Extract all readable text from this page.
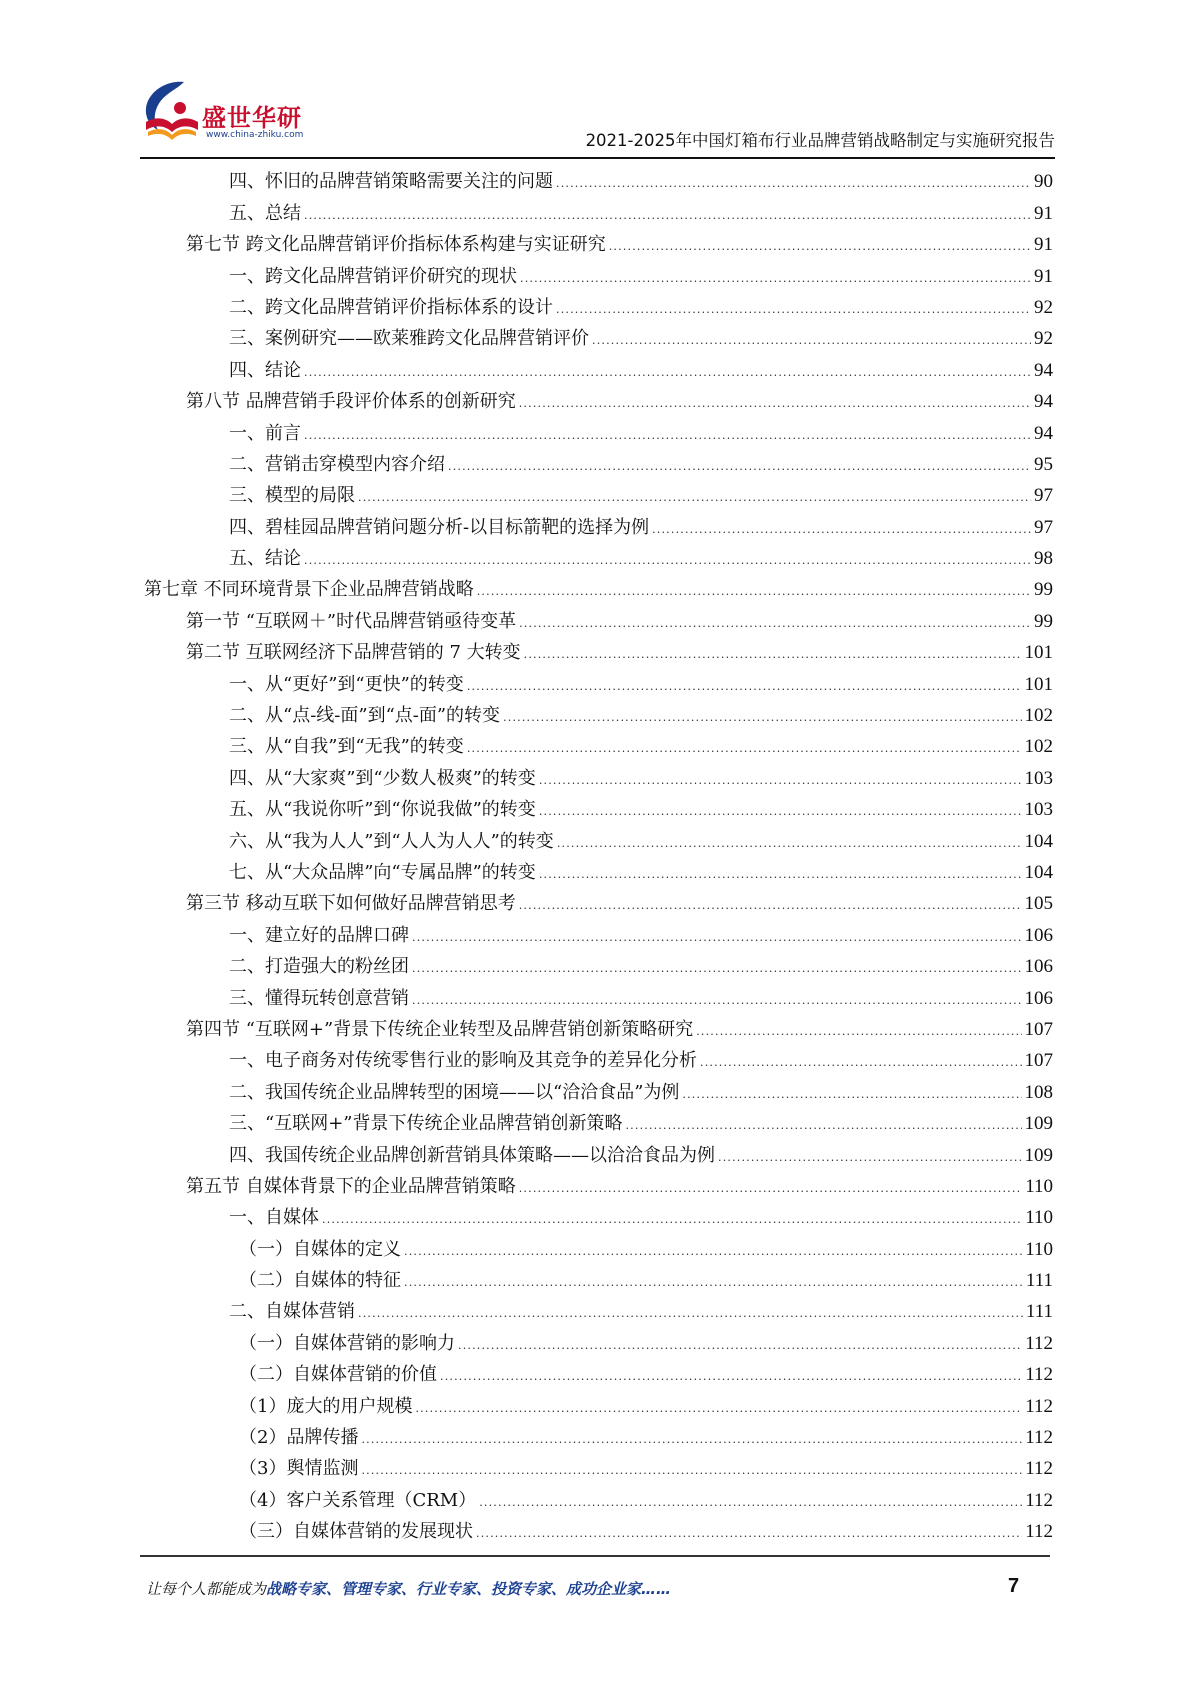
盛世华研
www.china-zhiku.com	2021-2025年中国灯箱布行业品牌营销战略制定与实施研究报告
四、怀旧的品牌营销策略需要关注的问题 .....	90
五、总结 .....	91
第七节 跨文化品牌营销评价指标体系构建与实证研究 .....	91
一、跨文化品牌营销评价研究的现状 .....	91
二、跨文化品牌营销评价指标体系的设计 .....	92
三、案例研究——欧莱雅跨文化品牌营销评价 .....	92
四、结论 .....	94
第八节 品牌营销手段评价体系的创新研究 .....	94
一、前言 .....	94
二、营销击穿模型内容介绍 .....	95
三、模型的局限 .....	97
四、碧桂园品牌营销问题分析-以目标箭靶的选择为例 .....	97
五、结论 .....	98
第七章 不同环境背景下企业品牌营销战略 .....	99
第一节 “互联网＋”时代品牌营销亟待变革 .....	99
第二节 互联网经济下品牌营销的 7 大转变 .....	101
一、从“更好”到“更快”的转变 .....	101
二、从“点-线-面”到“点-面”的转变 .....	102
三、从“自我”到“无我”的转变 .....	102
四、从“大家爽”到“少数人极爽”的转变 .....	103
五、从“我说你听”到“你说我做”的转变 .....	103
六、从“我为人人”到“人人为人人”的转变 .....	104
七、从“大众品牌”向“专属品牌”的转变 .....	104
第三节 移动互联下如何做好品牌营销思考 .....	105
一、建立好的品牌口碑 .....	106
二、打造强大的粉丝团 .....	106
三、懂得玩转创意营销 .....	106
第四节 “互联网+”背景下传统企业转型及品牌营销创新策略研究 .....	107
一、电子商务对传统零售行业的影响及其竞争的差异化分析 .....	107
二、我国传统企业品牌转型的困境——以“洽洽食品”为例 .....	108
三、“互联网+”背景下传统企业品牌营销创新策略 .....	109
四、我国传统企业品牌创新营销具体策略——以洽洽食品为例 .....	109
第五节 自媒体背景下的企业品牌营销策略 .....	110
一、自媒体 .....	110
（一）自媒体的定义 .....	110
（二）自媒体的特征 .....	111
二、自媒体营销 .....	111
（一）自媒体营销的影响力 .....	112
（二）自媒体营销的价值 .....	112
（1）庞大的用户规模 .....	112
（2）品牌传播 .....	112
（3）舆情监测 .....	112
（4）客户关系管理（CRM） .....	112
（三）自媒体营销的发展现状 .....	112
让每个人都能成为战略专家、管理专家、行业专家、投资专家、成功企业家……	7
